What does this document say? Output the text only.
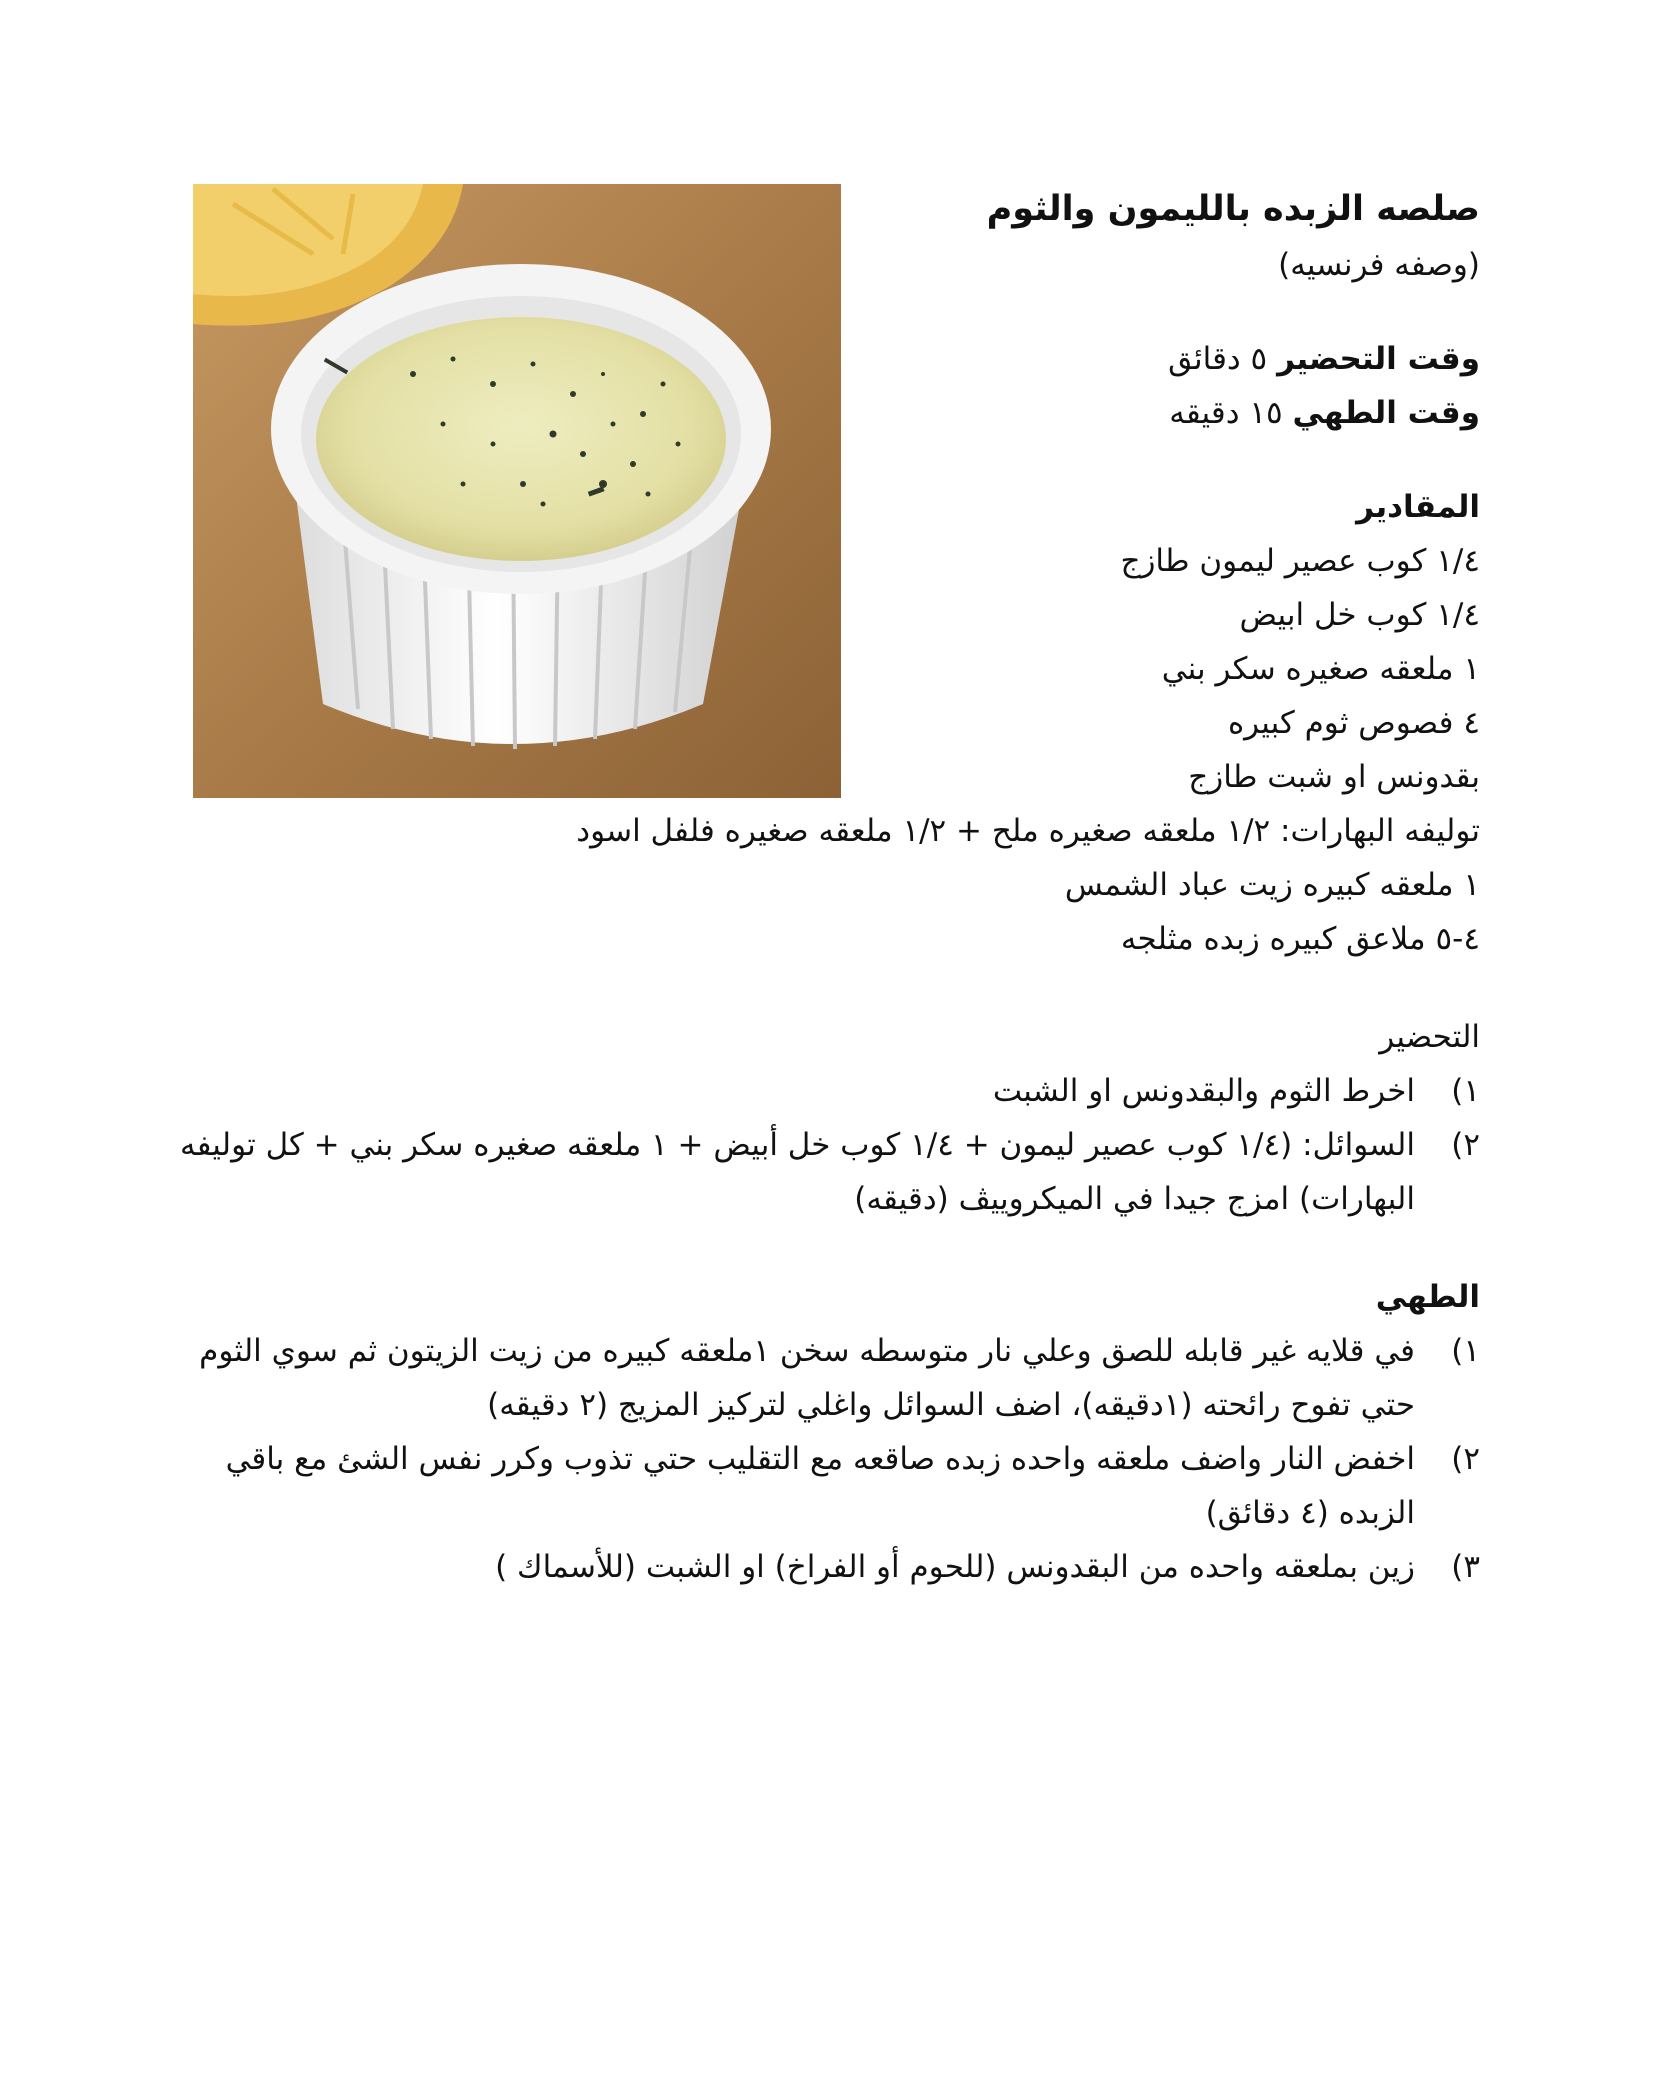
صلصه الزبده بالليمون والثوم
(وصفه فرنسيه)
وقت التحضير ٥ دقائق
وقت الطهي ١٥ دقيقه
المقادير
١/٤ كوب عصير ليمون طازج
١/٤ كوب خل ابيض
١ ملعقه صغيره سكر بني
٤ فصوص ثوم كبيره
بقدونس او شبت طازج
توليفه البهارات: ١/٢ ملعقه صغيره ملح + ١/٢ ملعقه صغيره فلفل اسود
١ ملعقه كبيره زيت عباد الشمس
٤-٥ ملاعق كبيره زبده مثلجه
التحضير
١)
اخرط الثوم والبقدونس او الشبت
٢)
السوائل: (١/٤ كوب عصير ليمون + ١/٤ كوب خل أبيض + ١ ملعقه صغيره سكر بني + كل توليفه البهارات) امزج جيدا في الميكروييڤ (دقيقه)
الطهي
١)
في قلايه غير قابله للصق وعلي نار متوسطه سخن ١ملعقه كبيره من زيت الزيتون ثم سوي الثوم حتي تفوح رائحته (١دقيقه)، اضف السوائل واغلي لتركيز المزيج (٢ دقيقه)
٢)
اخفض النار واضف ملعقه واحده زبده صاقعه مع التقليب حتي تذوب وكرر نفس الشئ مع باقي الزبده (٤ دقائق)
٣)
زين بملعقه واحده من البقدونس (للحوم أو الفراخ) او الشبت (للأسماك )
